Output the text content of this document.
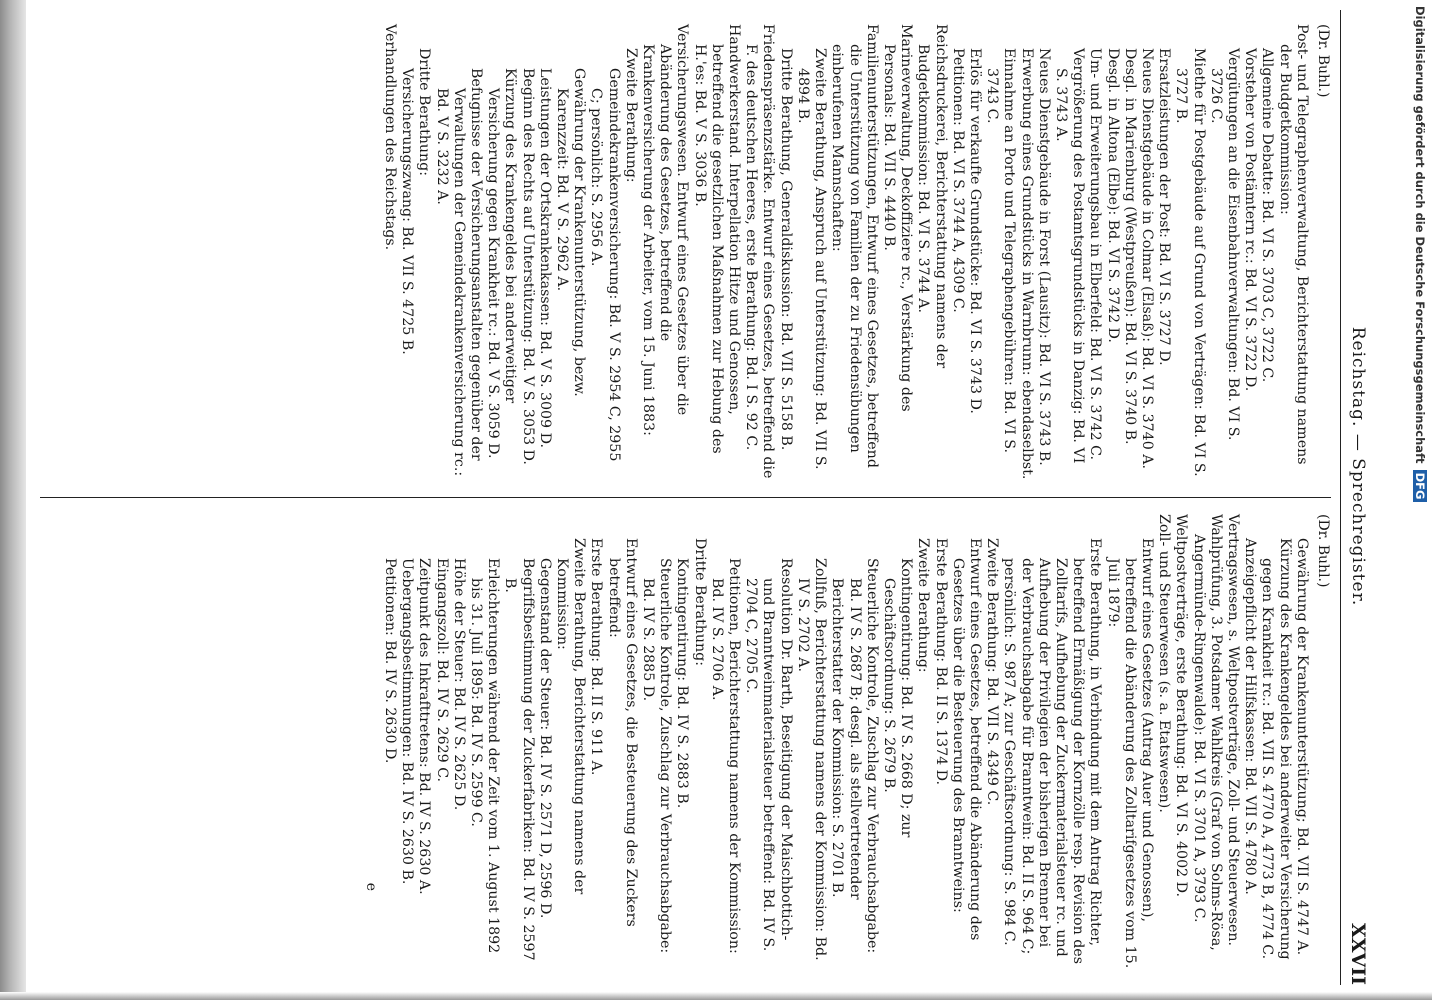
Reichstag. — Sprechregister.
XXVII

(Dr. Buhl.)

Post- und Telegraphenverwaltung, Berichterstattung namens der Budgetkommission:

Allgemeine Debatte: Bd. VI S. 3703 C, 3722 C.

Vorsteher von Postämtern rc.: Bd. VI S. 3722 D.

Vergütungen an die Eisenbahnverwaltungen: Bd. VI S. 3726 C.

Miethe für Postgebäude auf Grund von Verträgen: Bd. VI S. 3727 B.

Ersatzleistungen der Post: Bd. VI S. 3727 D.

Neues Dienstgebäude in Colmar (Elsaß): Bd. VI S. 3740 A.

Desgl. in Marienburg (Westpreußen): Bd. VI S. 3740 B.

Desgl. in Altona (Elbe): Bd. VI S. 3742 D.

Um- und Erweiterungsbau in Elberfeld: Bd. VI S. 3742 C.

Vergrößerung des Postamtsgrundstücks in Danzig: Bd. VI S. 3743 A.

Neues Dienstgebäude in Forst (Lausitz): Bd. VI S. 3743 B.

Erwerbung eines Grundstücks in Warnbrunn: ebendaselbst.

Einnahme an Porto und Telegraphengebühren: Bd. VI S. 3743 C.

Erlös für verkaufte Grundstücke: Bd. VI S. 3743 D.

Petitionen: Bd. VI S. 3744 A, 4309 C.

Reichsdruckerei, Berichterstattung namens der Budgetkommission: Bd. VI S. 3744 A.

Marineverwaltung, Deckoffiziere rc., Verstärkung des Personals: Bd. VII S. 4440 B.

Familienunterstützungen, Entwurf eines Gesetzes, betreffend die Unterstützung von Familien der zu Friedensübungen einberufenen Mannschaften:

Zweite Berathung, Anspruch auf Unterstützung: Bd. VII S. 4894 B.

Dritte Berathung, Generaldiskussion: Bd. VII S. 5158 B.

Friedenspräsenzstärke. Entwurf eines Gesetzes, betreffend die F. des deutschen Heeres, erste Berathung: Bd. I S. 92 C.

Handwerkerstand. Interpellation Hitze und Genossen, betreffend die gesetzlichen Maßnahmen zur Hebung des H.'es: Bd. V S. 3036 B.

Versicherungswesen. Entwurf eines Gesetzes über die Abänderung des Gesetzes, betreffend die Krankenversicherung der Arbeiter, vom 15. Juni 1883:

Zweite Berathung:

Gemeindekrankenversicherung: Bd. V S. 2954 C, 2955 C; persönlich: S. 2956 A.

Gewährung der Krankenunterstützung, bezw. Karenzzeit: Bd. V S. 2962 A.

Leistungen der Ortskrankenkassen: Bd. V S. 3009 D.

Beginn des Rechts auf Unterstützung: Bd. V S. 3053 D.

Kürzung des Krankengeldes bei anderweitiger Versicherung gegen Krankheit rc.: Bd. V S. 3059 D.

Befugnisse der Versicherungsanstalten gegenüber der Verwaltungen der Gemeindekrankenversicherung rc.: Bd. V S. 3232 A.

Dritte Berathung:

Versicherungszwang: Bd. VII S. 4725 B.

Verhandlungen des Reichstags.

(Dr. Buhl.)

Gewährung der Krankenunterstützung; Bd. VII S. 4747 A.

Kürzung des Krankengeldes bei anderweiter Versicherung gegen Krankheit rc.: Bd. VII S. 4770 A, 4773 B, 4774 C.

Anzeigepflicht der Hilfskassen: Bd. VII S. 4780 A.

Vertragswesen, s. Weltpostverträge, Zoll- und Steuerwesen.

Wahlprüfung, 3. Potsdamer Wahlkreis (Graf von Solms-Rösa, Angermünde-Ringenwalde): Bd. VI S. 3701 A, 3793 C.

Weltpostverträge, erste Berathung: Bd. VI S. 4002 D.

Zoll- und Steuerwesen (s. a. Etatswesen).

Entwurf eines Gesetzes (Antrag Auer und Genossen), betreffend die Abänderung des Zolltarifgesetzes vom 15. Juli 1879:

Erste Berathung, in Verbindung mit dem Antrag Richter, betreffend Ermäßigung der Kornzölle resp. Revision des Zolltarifs, Aufhebung der Zuckermaterialsteuer rc. und Aufhebung der Privilegien der bisherigen Brenner bei der Verbrauchsabgabe für Branntwein: Bd. II S. 964 C; persönlich: S. 987 A; zur Geschäftsordnung: S. 984 C.

Zweite Berathung: Bd. VII S. 4349 C.

Entwurf eines Gesetzes, betreffend die Abänderung des Gesetzes über die Besteuerung des Branntweins:

Erste Berathung: Bd. II S. 1374 D.

Zweite Berathung:

Kontingentirung: Bd. IV S. 2668 D; zur Geschäftsordnung: S. 2679 B.

Steuerliche Kontrole, Zuschlag zur Verbrauchsabgabe: Bd. IV S. 2687 B; desgl. als stellvertretender Berichterstatter der Kommission: S. 2701 B.

Zollfuß, Berichterstattung namens der Kommission: Bd. IV S. 2702 A.

Resolution Dr. Barth, Beseitigung der Maischbottich- und Branntweinmaterialsteuer betreffend: Bd. IV S. 2704 C, 2705 C.

Petitionen, Berichterstattung namens der Kommission: Bd. IV S. 2706 A.

Dritte Berathung:

Kontingentirung: Bd. IV S. 2883 B.

Steuerliche Kontrole, Zuschlag zur Verbrauchsabgabe: Bd. IV S. 2885 D.

Entwurf eines Gesetzes, die Besteuerung des Zuckers betreffend:

Erste Berathung: Bd. II S. 911 A.

Zweite Berathung, Berichterstattung namens der Kommission:

Gegenstand der Steuer: Bd. IV S. 2571 D, 2596 D.

Begriffsbestimmung der Zuckerfabriken: Bd. IV S. 2597 B.

Erleichterungen während der Zeit vom 1. August 1892 bis 31. Juli 1895: Bd. IV S. 2599 C.

Höhe der Steuer: Bd. IV S. 2625 D.

Eingangszoll: Bd. IV S. 2629 C.

Zeitpunkt des Inkrafttretens: Bd. IV S. 2630 A.

Uebergangsbestimmungen: Bd. IV S. 2630 B.

Petitionen: Bd. IV S. 2630 D.

e
Digitalisierung gefördert durch die Deutsche Forschungsgemeinschaft DFG
